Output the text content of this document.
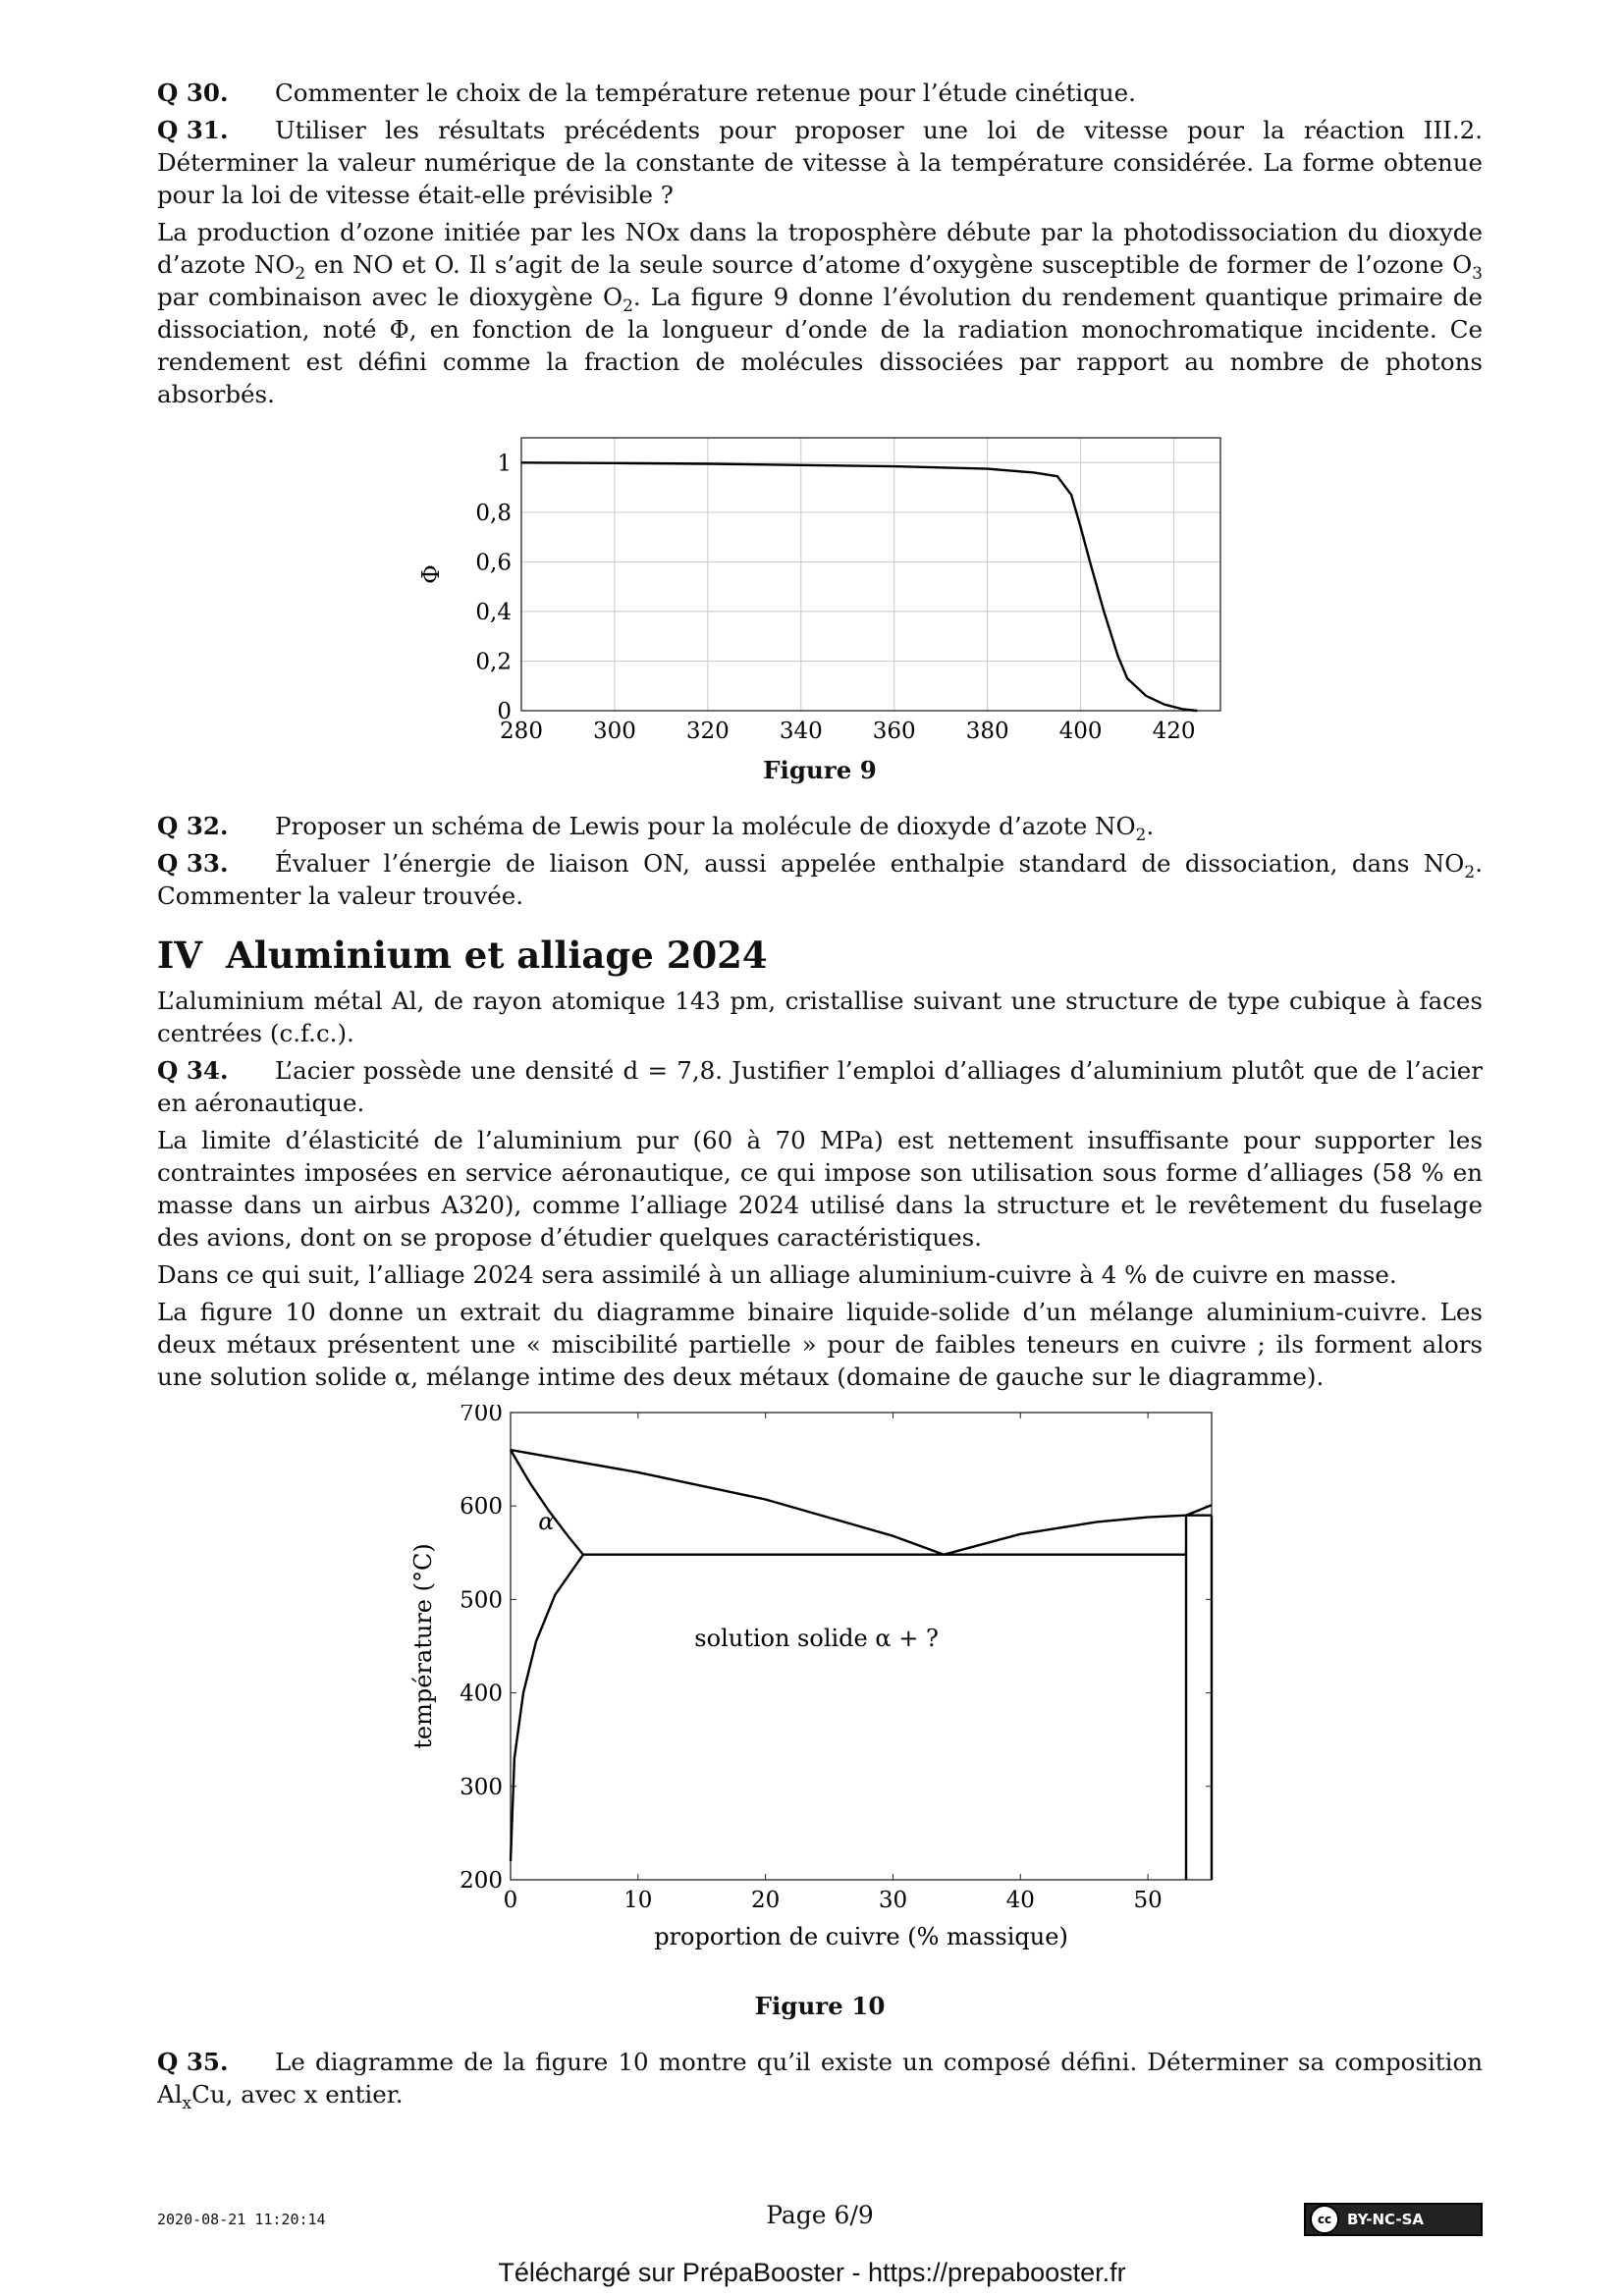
Q 30. Commenter le choix de la température retenue pour l’étude cinétique.

Q 31. Utiliser les résultats précédents pour proposer une loi de vitesse pour la réaction III.2. Déterminer la valeur numérique de la constante de vitesse à la température considérée. La forme obtenue pour la loi de vitesse était-elle prévisible ?

La production d’ozone initiée par les NOx dans la troposphère débute par la photodissociation du dioxyde d’azote $NO_2$ en NO et O. Il s’agit de la seule source d’atome d’oxygène susceptible de former de l’ozone $O_3$ par combinaison avec le dioxygène $O_2$. La figure 9 donne l’évolution du rendement quantique primaire de dissociation, noté Φ, en fonction de la longueur d’onde de la radiation monochromatique incidente. Ce rendement est défini comme la fraction de molécules dissociées par rapport au nombre de photons absorbés.

280 300 320 340 360 380 400 420
0
0,2
0,4
0,6
0,8
1
Φ
Figure 9

Q 32. Proposer un schéma de Lewis pour la molécule de dioxyde d’azote $NO_2$.

Q 33. Évaluer l’énergie de liaison ON, aussi appelée enthalpie standard de dissociation, dans $NO_2$. Commenter la valeur trouvée.

IV Aluminium et alliage 2024

L’aluminium métal Al, de rayon atomique 143 pm, cristallise suivant une structure de type cubique à faces centrées (c.f.c.).

Q 34. L’acier possède une densité d = 7,8. Justifier l’emploi d’alliages d’aluminium plutôt que de l’acier en aéronautique.

La limite d’élasticité de l’aluminium pur (60 à 70 MPa) est nettement insuffisante pour supporter les contraintes imposées en service aéronautique, ce qui impose son utilisation sous forme d’alliages (58 % en masse dans un airbus A320), comme l’alliage 2024 utilisé dans la structure et le revêtement du fuselage des avions, dont on se propose d’étudier quelques caractéristiques.

Dans ce qui suit, l’alliage 2024 sera assimilé à un alliage aluminium-cuivre à 4 % de cuivre en masse.

La figure 10 donne un extrait du diagramme binaire liquide-solide d’un mélange aluminium-cuivre. Les deux métaux présentent une « miscibilité partielle » pour de faibles teneurs en cuivre ; ils forment alors une solution solide α, mélange intime des deux métaux (domaine de gauche sur le diagramme).

0	10	20	30	40	50
200
300
400
500
600
700
proportion de cuivre (% massique)
température (°C)
α
solution solide α + ?
Figure 10

Q 35. Le diagramme de la figure 10 montre qu’il existe un composé défini. Déterminer sa composition $Al_xCu$, avec x entier.

2020-08-21 11:20:14	Page 6/9	cc	BY-NC-SA
Téléchargé sur PrépaBooster - https://prepabooster.fr
